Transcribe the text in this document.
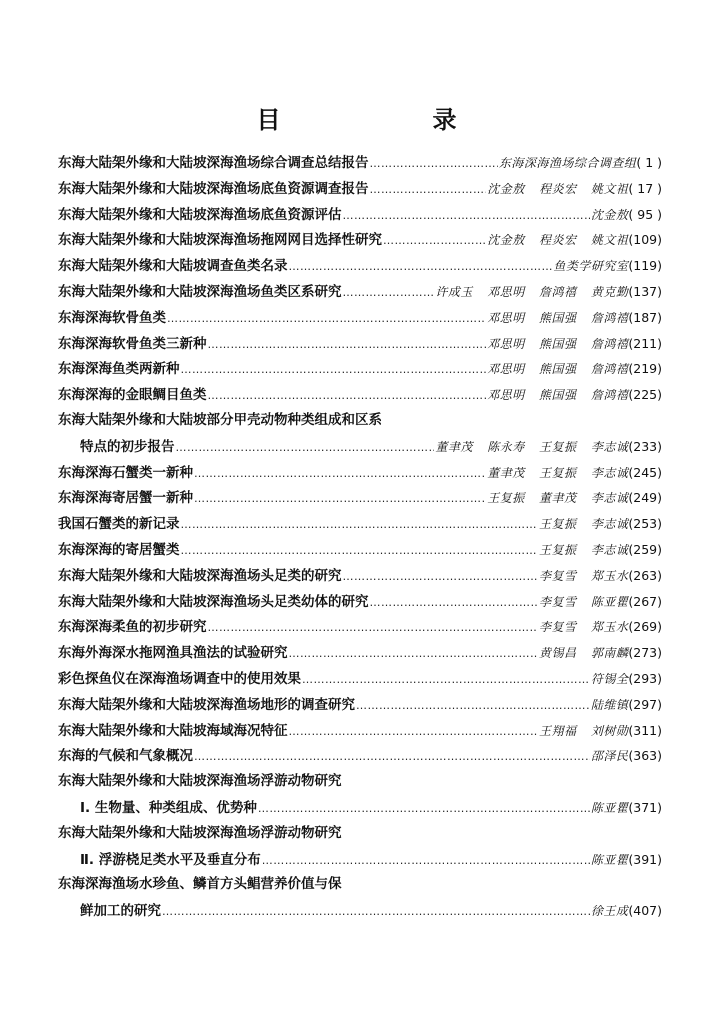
目　录
东海大陆架外缘和大陆坡深海渔场综合调查总结报告 …………………………………………………………………………………………………………………………………………………………………………	东海深海渔场综合调查组 ( 1 )
东海大陆架外缘和大陆坡深海渔场底鱼资源调查报告 …………………………………………………………………………………………………………………………………………………………………………	沈金敖 程炎宏 姚文祖 ( 17 )
东海大陆架外缘和大陆坡深海渔场底鱼资源评估 …………………………………………………………………………………………………………………………………………………………………………	沈金敖 ( 95 )
东海大陆架外缘和大陆坡深海渔场拖网网目选择性研究 …………………………………………………………………………………………………………………………………………………………………………	沈金敖 程炎宏 姚文祖 (109)
东海大陆架外缘和大陆坡调查鱼类名录 …………………………………………………………………………………………………………………………………………………………………………	鱼类学研究室 (119)
东海大陆架外缘和大陆坡深海渔场鱼类区系研究 …………………………………………………………………………………………………………………………………………………………………………	许成玉 邓思明 詹鸿禧 黄克勤 (137)
东海深海软骨鱼类 …………………………………………………………………………………………………………………………………………………………………………	邓思明 熊国强 詹鸿禧 (187)
东海深海软骨鱼类三新种 …………………………………………………………………………………………………………………………………………………………………………	邓思明 熊国强 詹鸿禧 (211)
东海深海鱼类两新种 …………………………………………………………………………………………………………………………………………………………………………	邓思明 熊国强 詹鸿禧 (219)
东海深海的金眼鲷目鱼类 …………………………………………………………………………………………………………………………………………………………………………	邓思明 熊国强 詹鸿禧 (225)
东海大陆架外缘和大陆坡部分甲壳动物种类组成和区系
特点的初步报告 …………………………………………………………………………………………………………………………………………………………………………	董聿茂 陈永寿 王复振 李志诚 (233)
东海深海石蟹类一新种 …………………………………………………………………………………………………………………………………………………………………………	董聿茂 王复振 李志诚 (245)
东海深海寄居蟹一新种 …………………………………………………………………………………………………………………………………………………………………………	王复振 董聿茂 李志诚 (249)
我国石蟹类的新记录 …………………………………………………………………………………………………………………………………………………………………………	王复振 李志诚 (253)
东海深海的寄居蟹类 …………………………………………………………………………………………………………………………………………………………………………	王复振 李志诚 (259)
东海大陆架外缘和大陆坡深海渔场头足类的研究 …………………………………………………………………………………………………………………………………………………………………………	李复雪 郑玉水 (263)
东海大陆架外缘和大陆坡深海渔场头足类幼体的研究 …………………………………………………………………………………………………………………………………………………………………………	李复雪 陈亚瞿 (267)
东海深海柔鱼的初步研究 …………………………………………………………………………………………………………………………………………………………………………	李复雪 郑玉水 (269)
东海外海深水拖网渔具渔法的试验研究 …………………………………………………………………………………………………………………………………………………………………………	黄锡昌 郭南麟 (273)
彩色探鱼仪在深海渔场调查中的使用效果 …………………………………………………………………………………………………………………………………………………………………………	符锡全 (293)
东海大陆架外缘和大陆坡深海渔场地形的调查研究 …………………………………………………………………………………………………………………………………………………………………………	陆维镇 (297)
东海大陆架外缘和大陆坡海域海况特征 …………………………………………………………………………………………………………………………………………………………………………	王翔福 刘树勋 (311)
东海的气候和气象概况 …………………………………………………………………………………………………………………………………………………………………………	邵泽民 (363)
东海大陆架外缘和大陆坡深海渔场浮游动物研究
Ⅰ. 生物量、种类组成、优势种 …………………………………………………………………………………………………………………………………………………………………………	陈亚瞿 (371)
东海大陆架外缘和大陆坡深海渔场浮游动物研究
Ⅱ. 浮游桡足类水平及垂直分布 …………………………………………………………………………………………………………………………………………………………………………	陈亚瞿 (391)
东海深海渔场水珍鱼、鳞首方头鲳营养价值与保
鲜加工的研究 …………………………………………………………………………………………………………………………………………………………………………	徐王成 (407)
